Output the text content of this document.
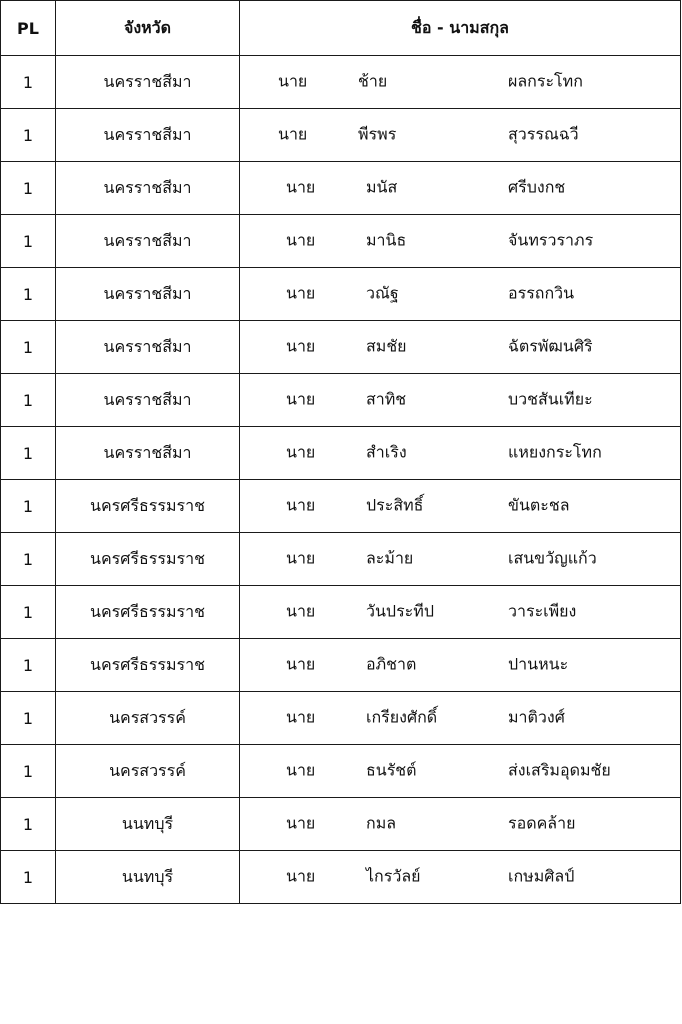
PL	จังหวัด	ชื่อ - นามสกุล
1	นครราชสีมา	นาย ช้าย ผลกระโทก

1	นครราชสีมา	นาย พีรพร สุวรรณฉวี

1	นครราชสีมา	นาย มนัส ศรีบงกช

1	นครราชสีมา	นาย มานิธ จันทรวราภร

1	นครราชสีมา	นาย วณัฐ อรรถกวิน

1	นครราชสีมา	นาย สมชัย ฉัตรพัฒนศิริ

1	นครราชสีมา	นาย สาทิช บวชสันเทียะ

1	นครราชสีมา	นาย สำเริง แหยงกระโทก

1	นครศรีธรรมราช	นาย ประสิทธิ์ ขันตะชล

1	นครศรีธรรมราช	นาย ละม้าย เสนขวัญแก้ว

1	นครศรีธรรมราช	นาย วันประทีป วาระเพียง

1	นครศรีธรรมราช	นาย อภิชาต ปานหนะ

1	นครสวรรค์	นาย เกรียงศักดิ์ มาติวงศ์

1	นครสวรรค์	นาย ธนรัชต์ ส่งเสริมอุดมชัย

1	นนทบุรี	นาย กมล รอดคล้าย

1	นนทบุรี	นาย ไกรวัลย์ เกษมศิลป์
